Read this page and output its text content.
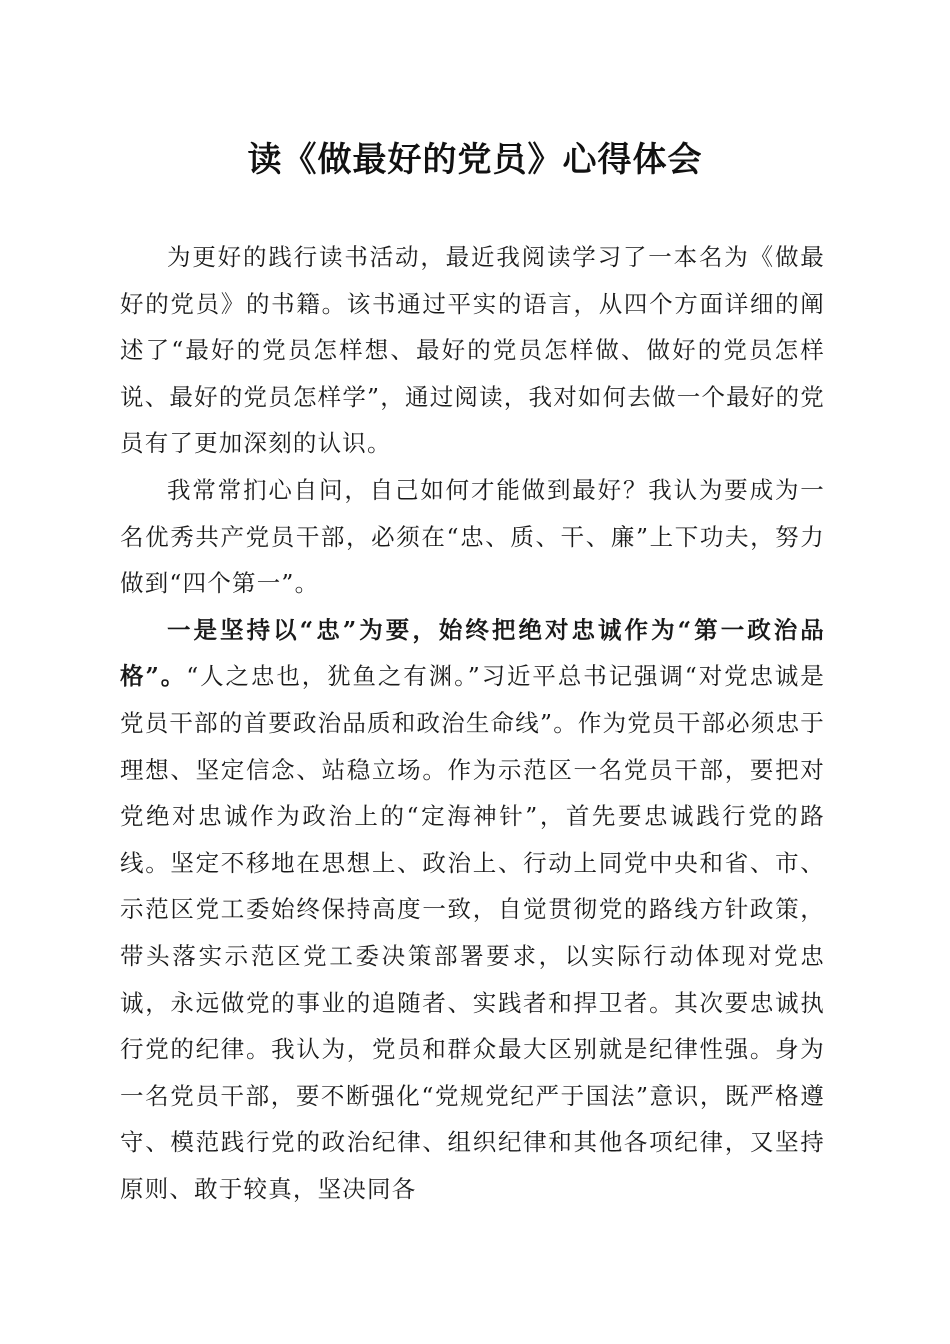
读《做最好的党员》心得体会

为更好的践行读书活动，最近我阅读学习了一本名为《做最好的党员》的书籍。该书通过平实的语言，从四个方面详细的阐述了“最好的党员怎样想、最好的党员怎样做、做好的党员怎样说、最好的党员怎样学”，通过阅读，我对如何去做一个最好的党员有了更加深刻的认识。

我常常扪心自问，自己如何才能做到最好？我认为要成为一名优秀共产党员干部，必须在“忠、质、干、廉”上下功夫，努力做到“四个第一”。

一是坚持以“忠”为要，始终把绝对忠诚作为“第一政治品格”。“人之忠也，犹鱼之有渊。”习近平总书记强调“对党忠诚是党员干部的首要政治品质和政治生命线”。作为党员干部必须忠于理想、坚定信念、站稳立场。作为示范区一名党员干部，要把对党绝对忠诚作为政治上的“定海神针”，首先要忠诚践行党的路线。坚定不移地在思想上、政治上、行动上同党中央和省、市、示范区党工委始终保持高度一致，自觉贯彻党的路线方针政策，带头落实示范区党工委决策部署要求，以实际行动体现对党忠诚，永远做党的事业的追随者、实践者和捍卫者。其次要忠诚执行党的纪律。我认为，党员和群众最大区别就是纪律性强。身为一名党员干部，要不断强化“党规党纪严于国法”意识，既严格遵守、模范践行党的政治纪律、组织纪律和其他各项纪律，又坚持原则、敢于较真，坚决同各
